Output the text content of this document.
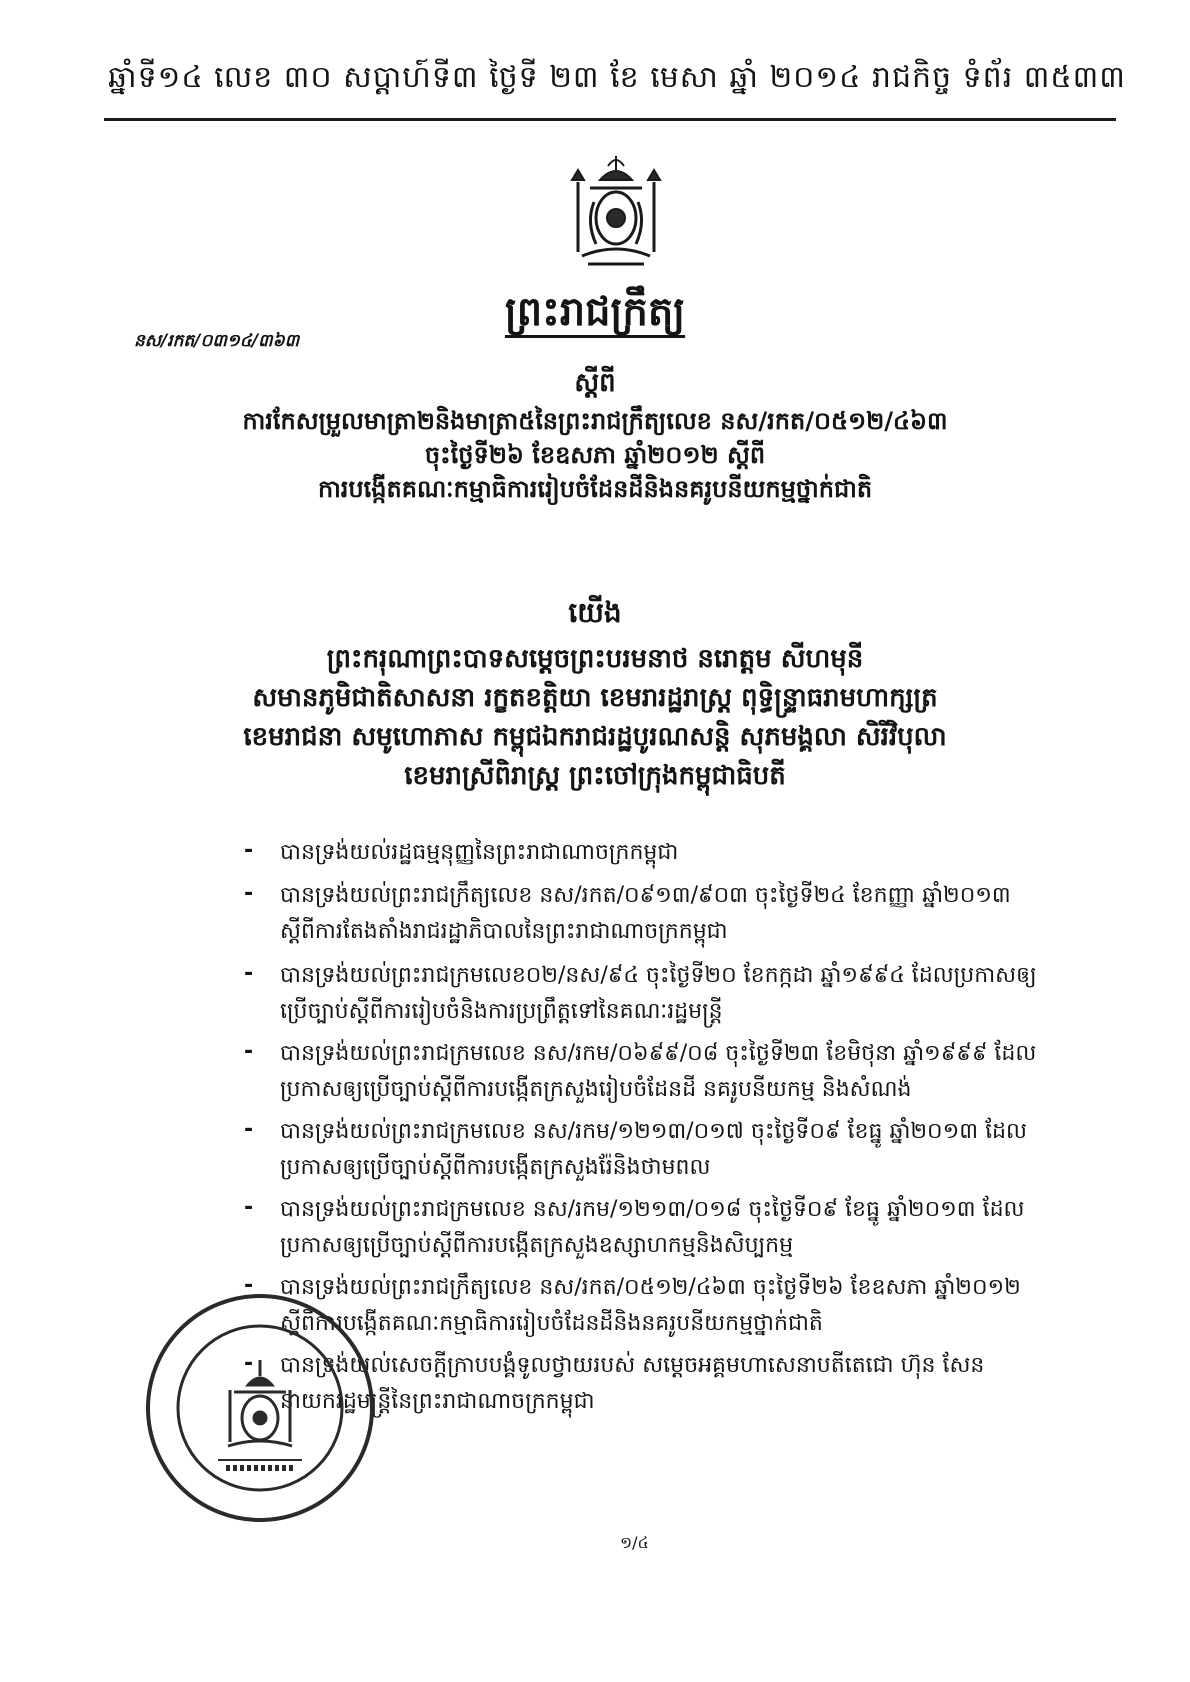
ឆ្នាំទី១៤ លេខ ៣០ សប្ដាហ៍ទី៣ ថ្ងៃទី ២៣ ខែ មេសា ឆ្នាំ ២០១៤ រាជកិច្ច ទំព័រ ៣៥៣៣
ព្រះរាជក្រឹត្យ
នស/រកត/០៣១៤/៣៦៣
ស្ដីពី
ការកែសម្រួលមាត្រា២និងមាត្រា៥នៃព្រះរាជក្រឹត្យលេខ នស/រកត/០៥១២/៤៦៣
ចុះថ្ងៃទី២៦ ខែឧសភា ឆ្នាំ២០១២ ស្ដីពី
ការបង្កើតគណៈកម្មាធិការរៀបចំដែនដីនិងនគរូបនីយកម្មថ្នាក់ជាតិ
យើង
ព្រះករុណាព្រះបាទសម្ដេចព្រះបរមនាថ នរោត្ដម សីហមុនី
សមានភូមិជាតិសាសនា រក្ខតខត្តិយា ខេមរារដ្ឋរាស្ដ្រ ពុទ្ធិន្ទ្រាធរាមហាក្សត្រ
ខេមរាជនា សមូហោភាស កម្ពុជឯករាជរដ្ឋបូរណសន្តិ សុភមង្គលា សិរីវិបុលា
ខេមរាស្រីពិរាស្ដ្រ ព្រះចៅក្រុងកម្ពុជាធិបតី
- បានទ្រង់យល់រដ្ឋធម្មនុញ្ញនៃព្រះរាជាណាចក្រកម្ពុជា
- បានទ្រង់យល់ព្រះរាជក្រឹត្យលេខ នស/រកត/០៩១៣/៩០៣ ចុះថ្ងៃទី២៤ ខែកញ្ញា ឆ្នាំ២០១៣
ស្ដីពីការតែងតាំងរាជរដ្ឋាភិបាលនៃព្រះរាជាណាចក្រកម្ពុជា
- បានទ្រង់យល់ព្រះរាជក្រមលេខ០២/នស/៩៤ ចុះថ្ងៃទី២០ ខែកក្កដា ឆ្នាំ១៩៩៤ ដែលប្រកាសឲ្យ
ប្រើច្បាប់ស្ដីពីការរៀបចំនិងការប្រព្រឹត្តទៅនៃគណៈរដ្ឋមន្ត្រី
- បានទ្រង់យល់ព្រះរាជក្រមលេខ នស/រកម/០៦៩៩/០៨ ចុះថ្ងៃទី២៣ ខែមិថុនា ឆ្នាំ១៩៩៩ ដែល
ប្រកាសឲ្យប្រើច្បាប់ស្ដីពីការបង្កើតក្រសួងរៀបចំដែនដី នគរូបនីយកម្ម និងសំណង់
- បានទ្រង់យល់ព្រះរាជក្រមលេខ នស/រកម/១២១៣/០១៧ ចុះថ្ងៃទី០៩ ខែធ្នូ ឆ្នាំ២០១៣ ដែល
ប្រកាសឲ្យប្រើច្បាប់ស្ដីពីការបង្កើតក្រសួងរ៉ែនិងថាមពល
- បានទ្រង់យល់ព្រះរាជក្រមលេខ នស/រកម/១២១៣/០១៨ ចុះថ្ងៃទី០៩ ខែធ្នូ ឆ្នាំ២០១៣ ដែល
ប្រកាសឲ្យប្រើច្បាប់ស្ដីពីការបង្កើតក្រសួងឧស្សាហកម្មនិងសិប្បកម្ម
- បានទ្រង់យល់ព្រះរាជក្រឹត្យលេខ នស/រកត/០៥១២/៤៦៣ ចុះថ្ងៃទី២៦ ខែឧសភា ឆ្នាំ២០១២
ស្ដីពីការបង្កើតគណៈកម្មាធិការរៀបចំដែនដីនិងនគរូបនីយកម្មថ្នាក់ជាតិ
- បានទ្រង់យល់សេចក្ដីក្រាបបង្គំទូលថ្វាយរបស់ សម្ដេចអគ្គមហាសេនាបតីតេជោ ហ៊ុន សែន
នាយករដ្ឋមន្ត្រីនៃព្រះរាជាណាចក្រកម្ពុជា
១/៤
